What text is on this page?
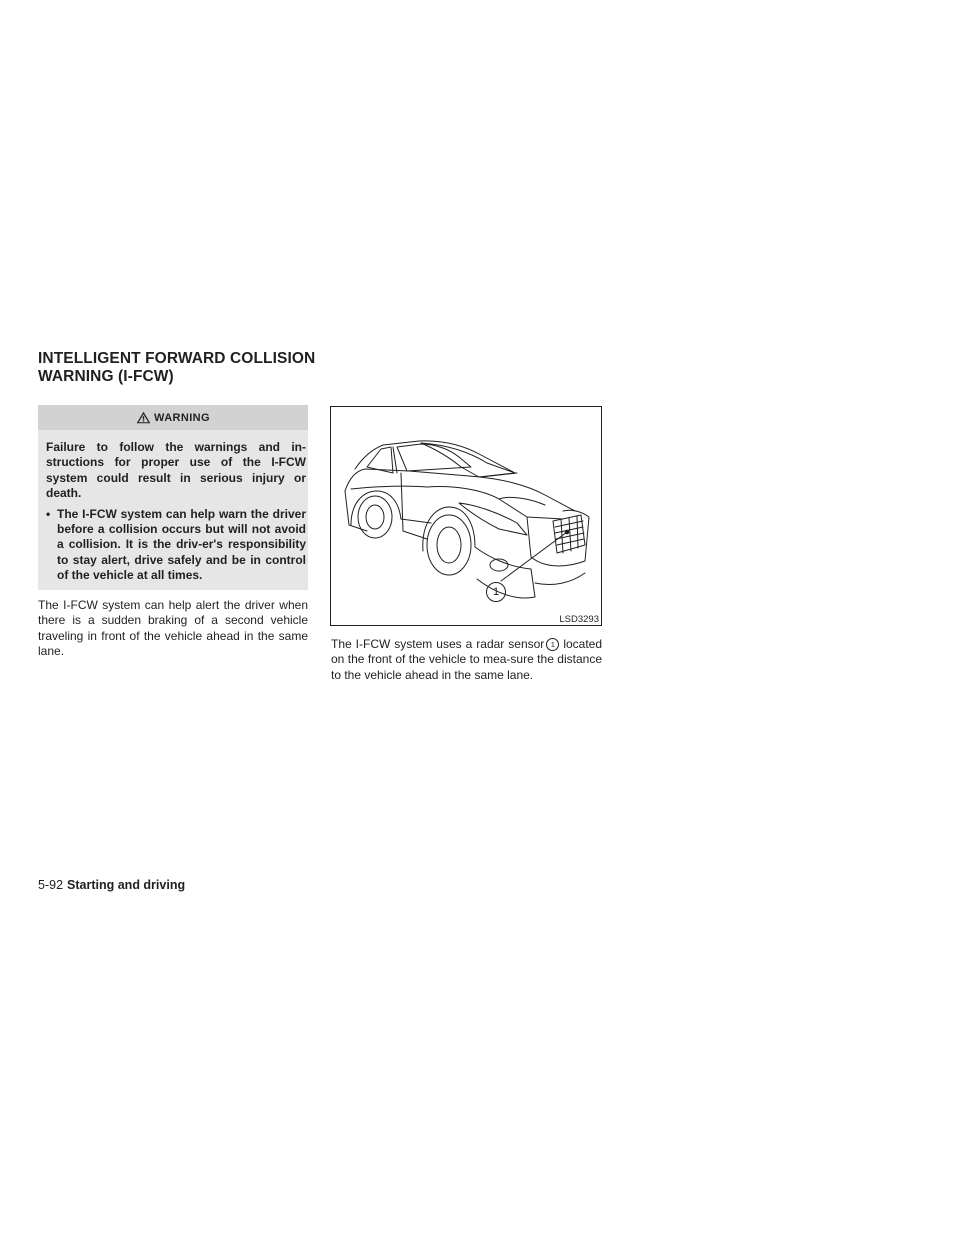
INTELLIGENT FORWARD COLLISION
WARNING (I-FCW)
WARNING

Failure to follow the warnings and in-structions for proper use of the I-FCW system could result in serious injury or death.

• The I-FCW system can help warn the driver before a collision occurs but will not avoid a collision. It is the driv-er's responsibility to stay alert, drive safely and be in control of the vehicle at all times.

The I-FCW system can help alert the driver when there is a sudden braking of a second vehicle traveling in front of the vehicle ahead in the same lane.

1
LSD3293

The I-FCW system uses a radar sensor 1 located on the front of the vehicle to mea-sure the distance to the vehicle ahead in the same lane.

5-92 Starting and driving
